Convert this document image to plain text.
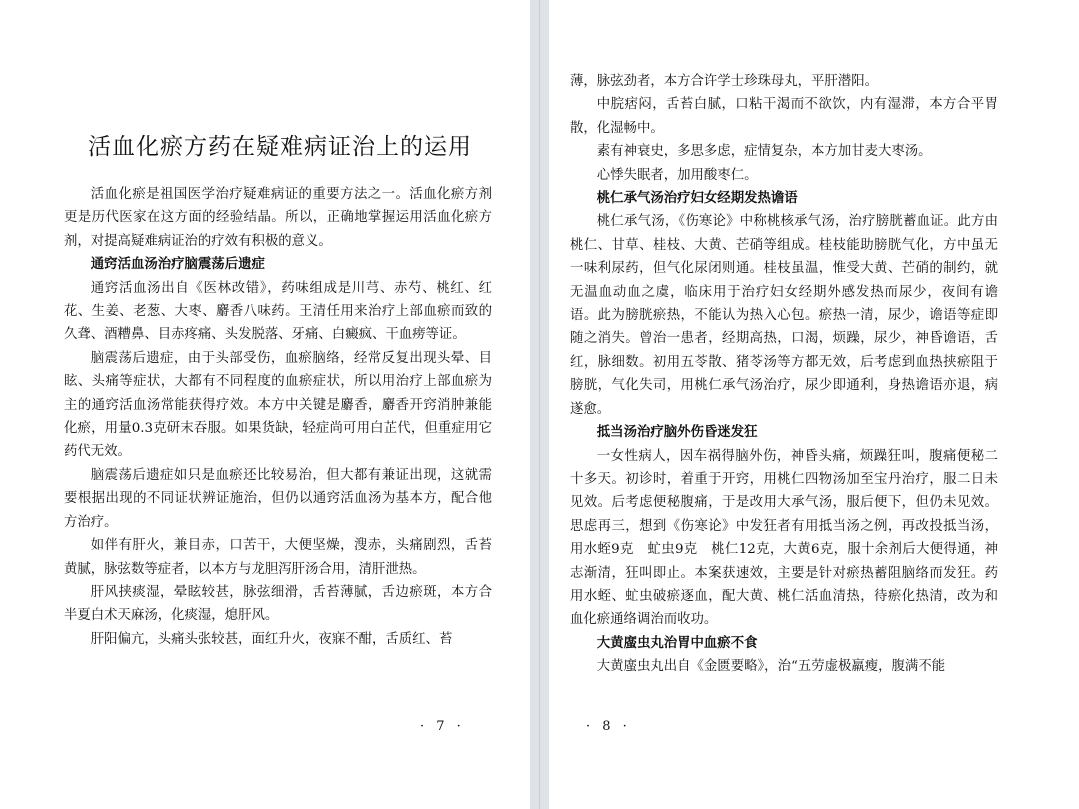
活血化瘀方药在疑难病证治上的运用

活血化瘀是祖国医学治疗疑难病证的重要方法之一。活血化瘀方剂更是历代医家在这方面的经验结晶。所以，正确地掌握运用活血化瘀方剂，对提高疑难病证治的疗效有积极的意义。

通窍活血汤治疗脑震荡后遗症

通窍活血汤出自《医林改错》，药味组成是川芎、赤芍、桃红、红花、生姜、老葱、大枣、麝香八味药。王清任用来治疗上部血瘀而致的久聋、酒糟鼻、目赤疼痛、头发脱落、牙痛、白癜疯、干血痨等证。

脑震荡后遗症，由于头部受伤，血瘀脑络，经常反复出现头晕、目眩、头痛等症状，大都有不同程度的血瘀症状，所以用治疗上部血瘀为主的通窍活血汤常能获得疗效。本方中关键是麝香，麝香开窍消肿兼能化瘀，用量0.3克研末吞服。如果货缺，轻症尚可用白芷代，但重症用它药代无效。

脑震荡后遗症如只是血瘀还比较易治，但大都有兼证出现，这就需要根据出现的不同证状辨证施治，但仍以通窍活血汤为基本方，配合他方治疗。

如伴有肝火，兼目赤，口苦干，大便坚燥，溲赤，头痛剧烈，舌苔黄腻，脉弦数等症者，以本方与龙胆泻肝汤合用，清肝泄热。

肝风挟痰湿，晕眩较甚，脉弦细滑，舌苔薄腻，舌边瘀斑，本方合半夏白术天麻汤，化痰湿，熄肝风。

肝阳偏亢，头痛头张较甚，面红升火，夜寐不酣，舌质红、苔

· 7 ·

薄，脉弦劲者，本方合许学士珍珠母丸，平肝潜阳。

中脘痞闷，舌苔白腻，口粘干渴而不欲饮，内有湿滞，本方合平胃散，化湿畅中。

素有神衰史，多思多虑，症情复杂，本方加甘麦大枣汤。

心悸失眠者，加用酸枣仁。

桃仁承气汤治疗妇女经期发热谵语

桃仁承气汤，《伤寒论》中称桃核承气汤，治疗膀胱蓄血证。此方由桃仁、甘草、桂枝、大黄、芒硝等组成。桂枝能助膀胱气化，方中虽无一味利尿药，但气化尿闭则通。桂枝虽温，惟受大黄、芒硝的制约，就无温血动血之虞，临床用于治疗妇女经期外感发热而尿少，夜间有谵语。此为膀胱瘀热，不能认为热入心包。瘀热一清，尿少，谵语等症即随之消失。曾治一患者，经期高热，口渴，烦躁，尿少，神昏谵语，舌红，脉细数。初用五苓散、猪苓汤等方都无效，后考虑到血热挟瘀阻于膀胱，气化失司，用桃仁承气汤治疗，尿少即通利，身热谵语亦退，病遂愈。

抵当汤治疗脑外伤昏迷发狂

一女性病人，因车祸得脑外伤，神昏头痛，烦躁狂叫，腹痛便秘二十多天。初诊时，着重于开窍，用桃仁四物汤加至宝丹治疗，服二日未见效。后考虑便秘腹痛，于是改用大承气汤，服后便下，但仍未见效。思虑再三，想到《伤寒论》中发狂者有用抵当汤之例，再改投抵当汤，用水蛭9克　虻虫9克　桃仁12克，大黄6克，服十余剂后大便得通，神志渐清，狂叫即止。本案获速效，主要是针对瘀热蓄阻脑络而发狂。药用水蛭、虻虫破瘀逐血，配大黄、桃仁活血清热，待瘀化热清，改为和血化瘀通络调治而收功。

大黄䗪虫丸治胃中血瘀不食

大黄䗪虫丸出自《金匮要略》，治“五劳虚极羸瘦，腹满不能

· 8 ·
